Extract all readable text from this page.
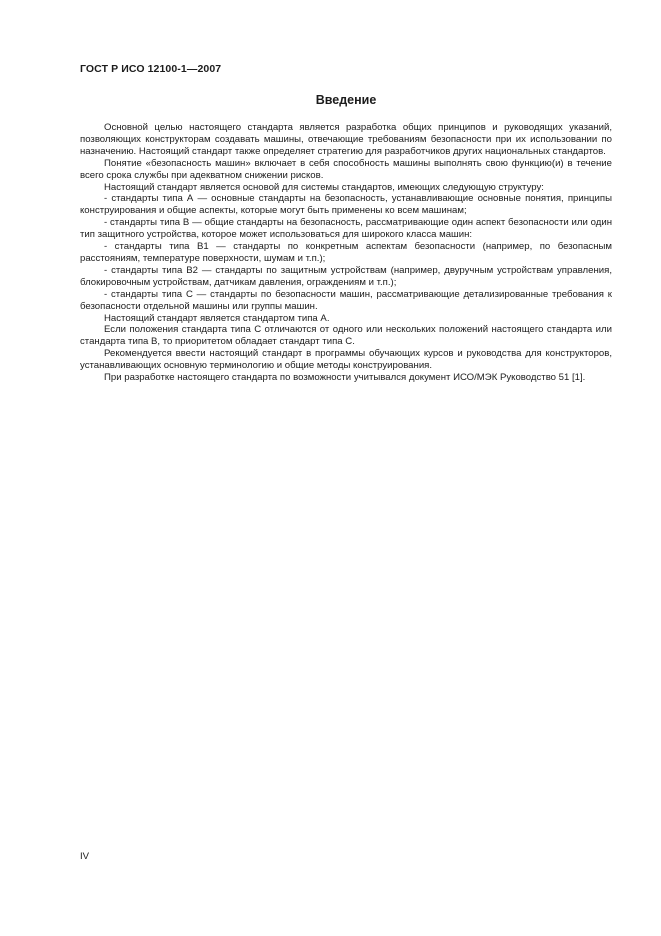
ГОСТ Р ИСО 12100-1—2007
Введение

Основной целью настоящего стандарта является разработка общих принципов и руководящих указаний, позволяющих конструкторам создавать машины, отвечающие требованиям безопасности при их использовании по назначению. Настоящий стандарт также определяет стратегию для разработчиков других национальных стандартов.

Понятие «безопасность машин» включает в себя способность машины выполнять свою функцию(и) в течение всего срока службы при адекватном снижении рисков.

Настоящий стандарт является основой для системы стандартов, имеющих следующую структуру:

- стандарты типа А — основные стандарты на безопасность, устанавливающие основные понятия, принципы конструирования и общие аспекты, которые могут быть применены ко всем машинам;

- стандарты типа В — общие стандарты на безопасность, рассматривающие один аспект безопасности или один тип защитного устройства, которое может использоваться для широкого класса машин:

- стандарты типа В1 — стандарты по конкретным аспектам безопасности (например, по безопасным расстояниям, температуре поверхности, шумам и т.п.);

- стандарты типа В2 — стандарты по защитным устройствам (например, двуручным устройствам управления, блокировочным устройствам, датчикам давления, ограждениям и т.п.);

- стандарты типа С — стандарты по безопасности машин, рассматривающие детализированные требования к безопасности отдельной машины или группы машин.

Настоящий стандарт является стандартом типа А.

Если положения стандарта типа С отличаются от одного или нескольких положений настоящего стандарта или стандарта типа В, то приоритетом обладает стандарт типа С.

Рекомендуется ввести настоящий стандарт в программы обучающих курсов и руководства для конструкторов, устанавливающих основную терминологию и общие методы конструирования.

При разработке настоящего стандарта по возможности учитывался документ ИСО/МЭК Руководство 51 [1].

IV
